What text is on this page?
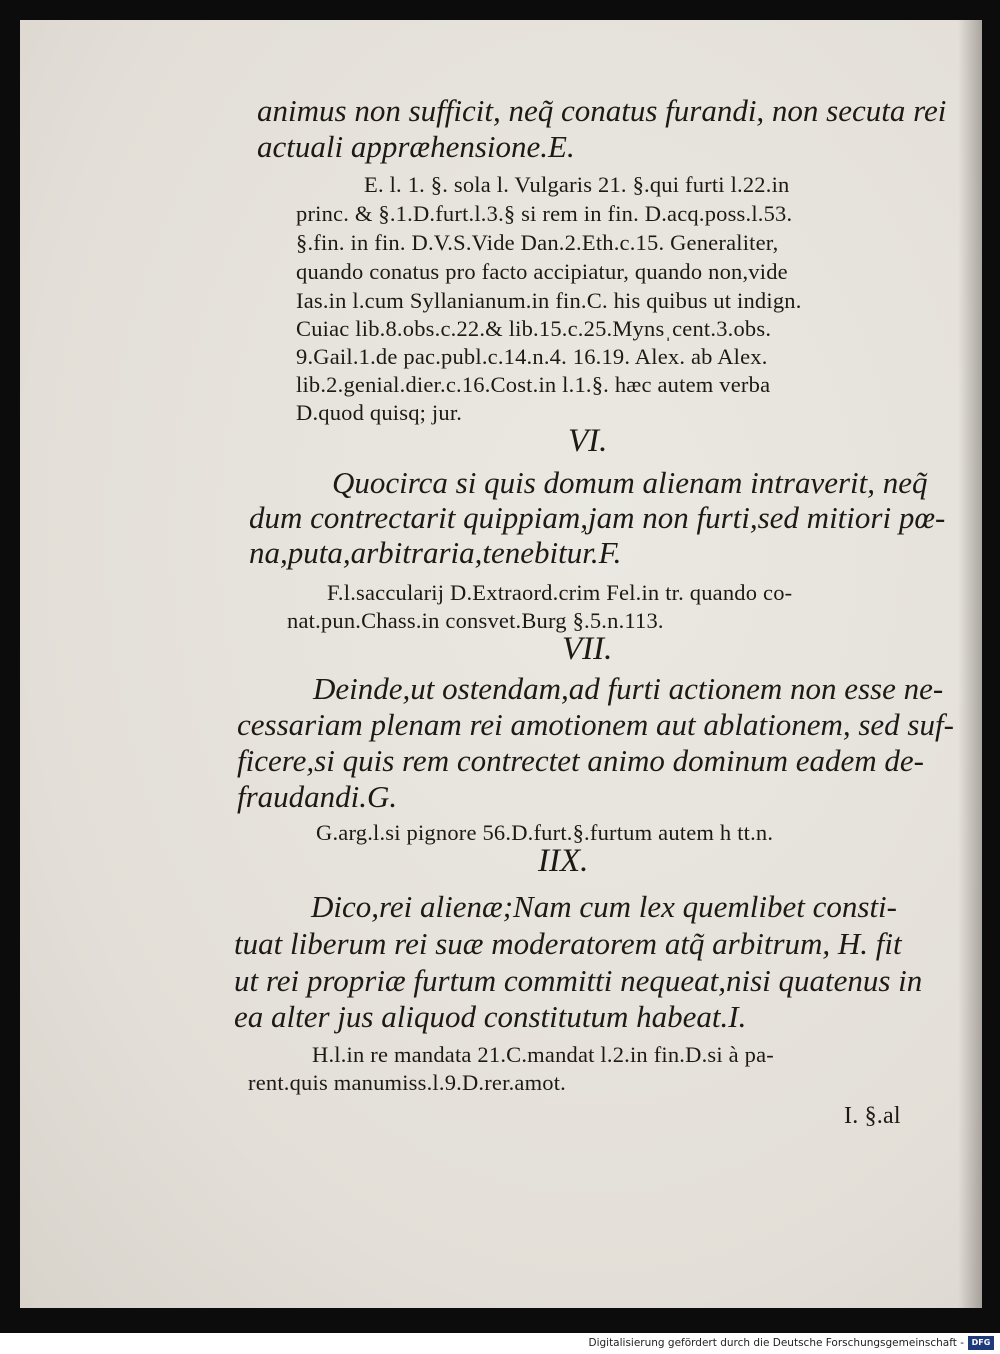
animus non sufficit, neq̃ conatus furandi, non secuta rei

actuali appræhensione.E.

E. l. 1. §. sola l. Vulgaris 21. §.qui furti l.22.in

princ. & §.1.D.furt.l.3.§ si rem in fin. D.acq.poss.l.53.

§.fin. in fin. D.V.S.Vide Dan.2.Eth.c.15. Generaliter,

quando conatus pro facto accipiatur, quando non,vide

Ias.in l.cum Syllanianum.in fin.C. his quibus ut indign.

Cuiac lib.8.obs.c.22.& lib.15.c.25.Mynsˌcent.3.obs.

9.Gail.1.de pac.publ.c.14.n.4. 16.19. Alex. ab Alex.

lib.2.genial.dier.c.16.Cost.in l.1.§. hæc autem verba

D.quod quisq; jur.

VI.

Quocirca si quis domum alienam intraverit, neq̃

dum contrectarit quippiam,jam non furti,sed mitiori pœ-

na,puta,arbitraria,tenebitur.F.

F.l.saccularij D.Extraord.crim Fel.in tr. quando co-

nat.pun.Chass.in consvet.Burg §.5.n.113.

VII.

Deinde,ut ostendam,ad furti actionem non esse ne-

cessariam plenam rei amotionem aut ablationem, sed suf-

ficere,si quis rem contrectet animo dominum eadem de-

fraudandi.G.

G.arg.l.si pignore 56.D.furt.§.furtum autem h tt.n.

IIX.

Dico,rei alienæ;Nam cum lex quemlibet consti-

tuat liberum rei suæ moderatorem atq̃ arbitrum, H. fit

ut rei propriæ furtum committi nequeat,nisi quatenus in

ea alter jus aliquod constitutum habeat.I.

H.l.in re mandata 21.C.mandat l.2.in fin.D.si à pa-

rent.quis manumiss.l.9.D.rer.amot.

I. §.al

Digitalisierung gefördert durch die Deutsche Forschungsgemeinschaft - DFG
